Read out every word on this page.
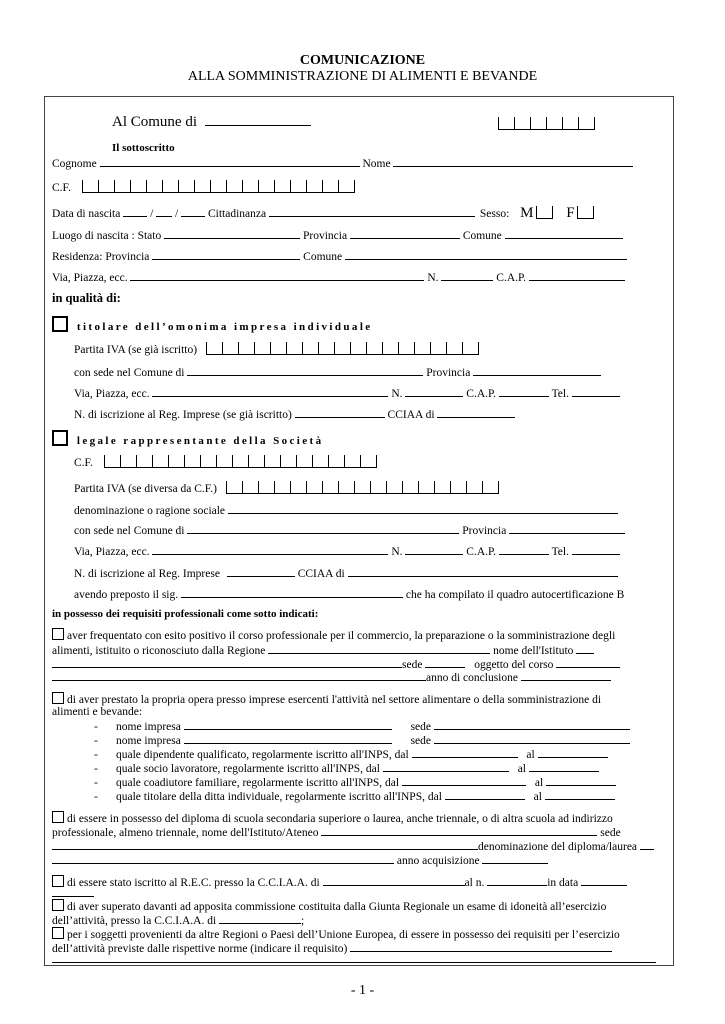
COMUNICAZIONE
ALLA SOMMINISTRAZIONE DI ALIMENTI E BEVANDE
Al Comune di
Il sottoscritto
Cognome	Nome
C.F.
Data di nascita  /  /  Cittadinanza	Sesso: M F
Luogo di nascita : Stato	Provincia	Comune
Residenza: Provincia	Comune
Via, Piazza, ecc.	N.	C.A.P.
in qualità di:
titolare dell’omonima impresa individuale
Partita IVA (se già iscritto)
con sede nel Comune di	Provincia
Via, Piazza, ecc.	N.	C.A.P.	Tel.
N. di iscrizione al Reg. Imprese (se già iscritto)	CCIAA di
legale rappresentante della Società
C.F.
Partita IVA (se diversa da C.F.)
denominazione o ragione sociale
con sede nel Comune di	Provincia
Via, Piazza, ecc.	N.	C.A.P.	Tel.
N. di iscrizione al Reg. Imprese	CCIAA di
avendo preposto il sig.	che ha compilato il quadro autocertificazione B
in possesso dei requisiti professionali come sotto indicati:
aver frequentato con esito positivo il corso professionale per il commercio, la preparazione o la somministrazione degli
alimenti, istituito o riconosciuto dalla Regione	nome dell'Istituto
sede	oggetto del corso
anno di conclusione
di aver prestato la propria opera presso imprese esercenti l'attività nel settore alimentare o della somministrazione di
alimenti e bevande:
- nome impresa	sede
- nome impresa	sede
- quale dipendente qualificato, regolarmente iscritto all'INPS, dal	al
- quale socio lavoratore, regolarmente iscritto all'INPS, dal	al
- quale coadiutore familiare, regolarmente iscritto all'INPS, dal	al
- quale titolare della ditta individuale, regolarmente iscritto all'INPS, dal	al
di essere in possesso del diploma di scuola secondaria superiore o laurea, anche triennale, o di altra scuola ad indirizzo
professionale, almeno triennale, nome dell'Istituto/Ateneo	sede
denominazione del diploma/laurea
anno acquisizione
di essere stato iscritto al R.E.C. presso la C.C.I.A.A. di	al n.	in data
di aver superato davanti ad apposita commissione costituita dalla Giunta Regionale un esame di idoneità all’esercizio
dell’attività, presso la C.C.I.A.A. di	;
per i soggetti provenienti da altre Regioni o Paesi dell’Unione Europea, di essere in possesso dei requisiti per l’esercizio
dell’attività previste dalle rispettive norme (indicare il requisito)
- 1 -
